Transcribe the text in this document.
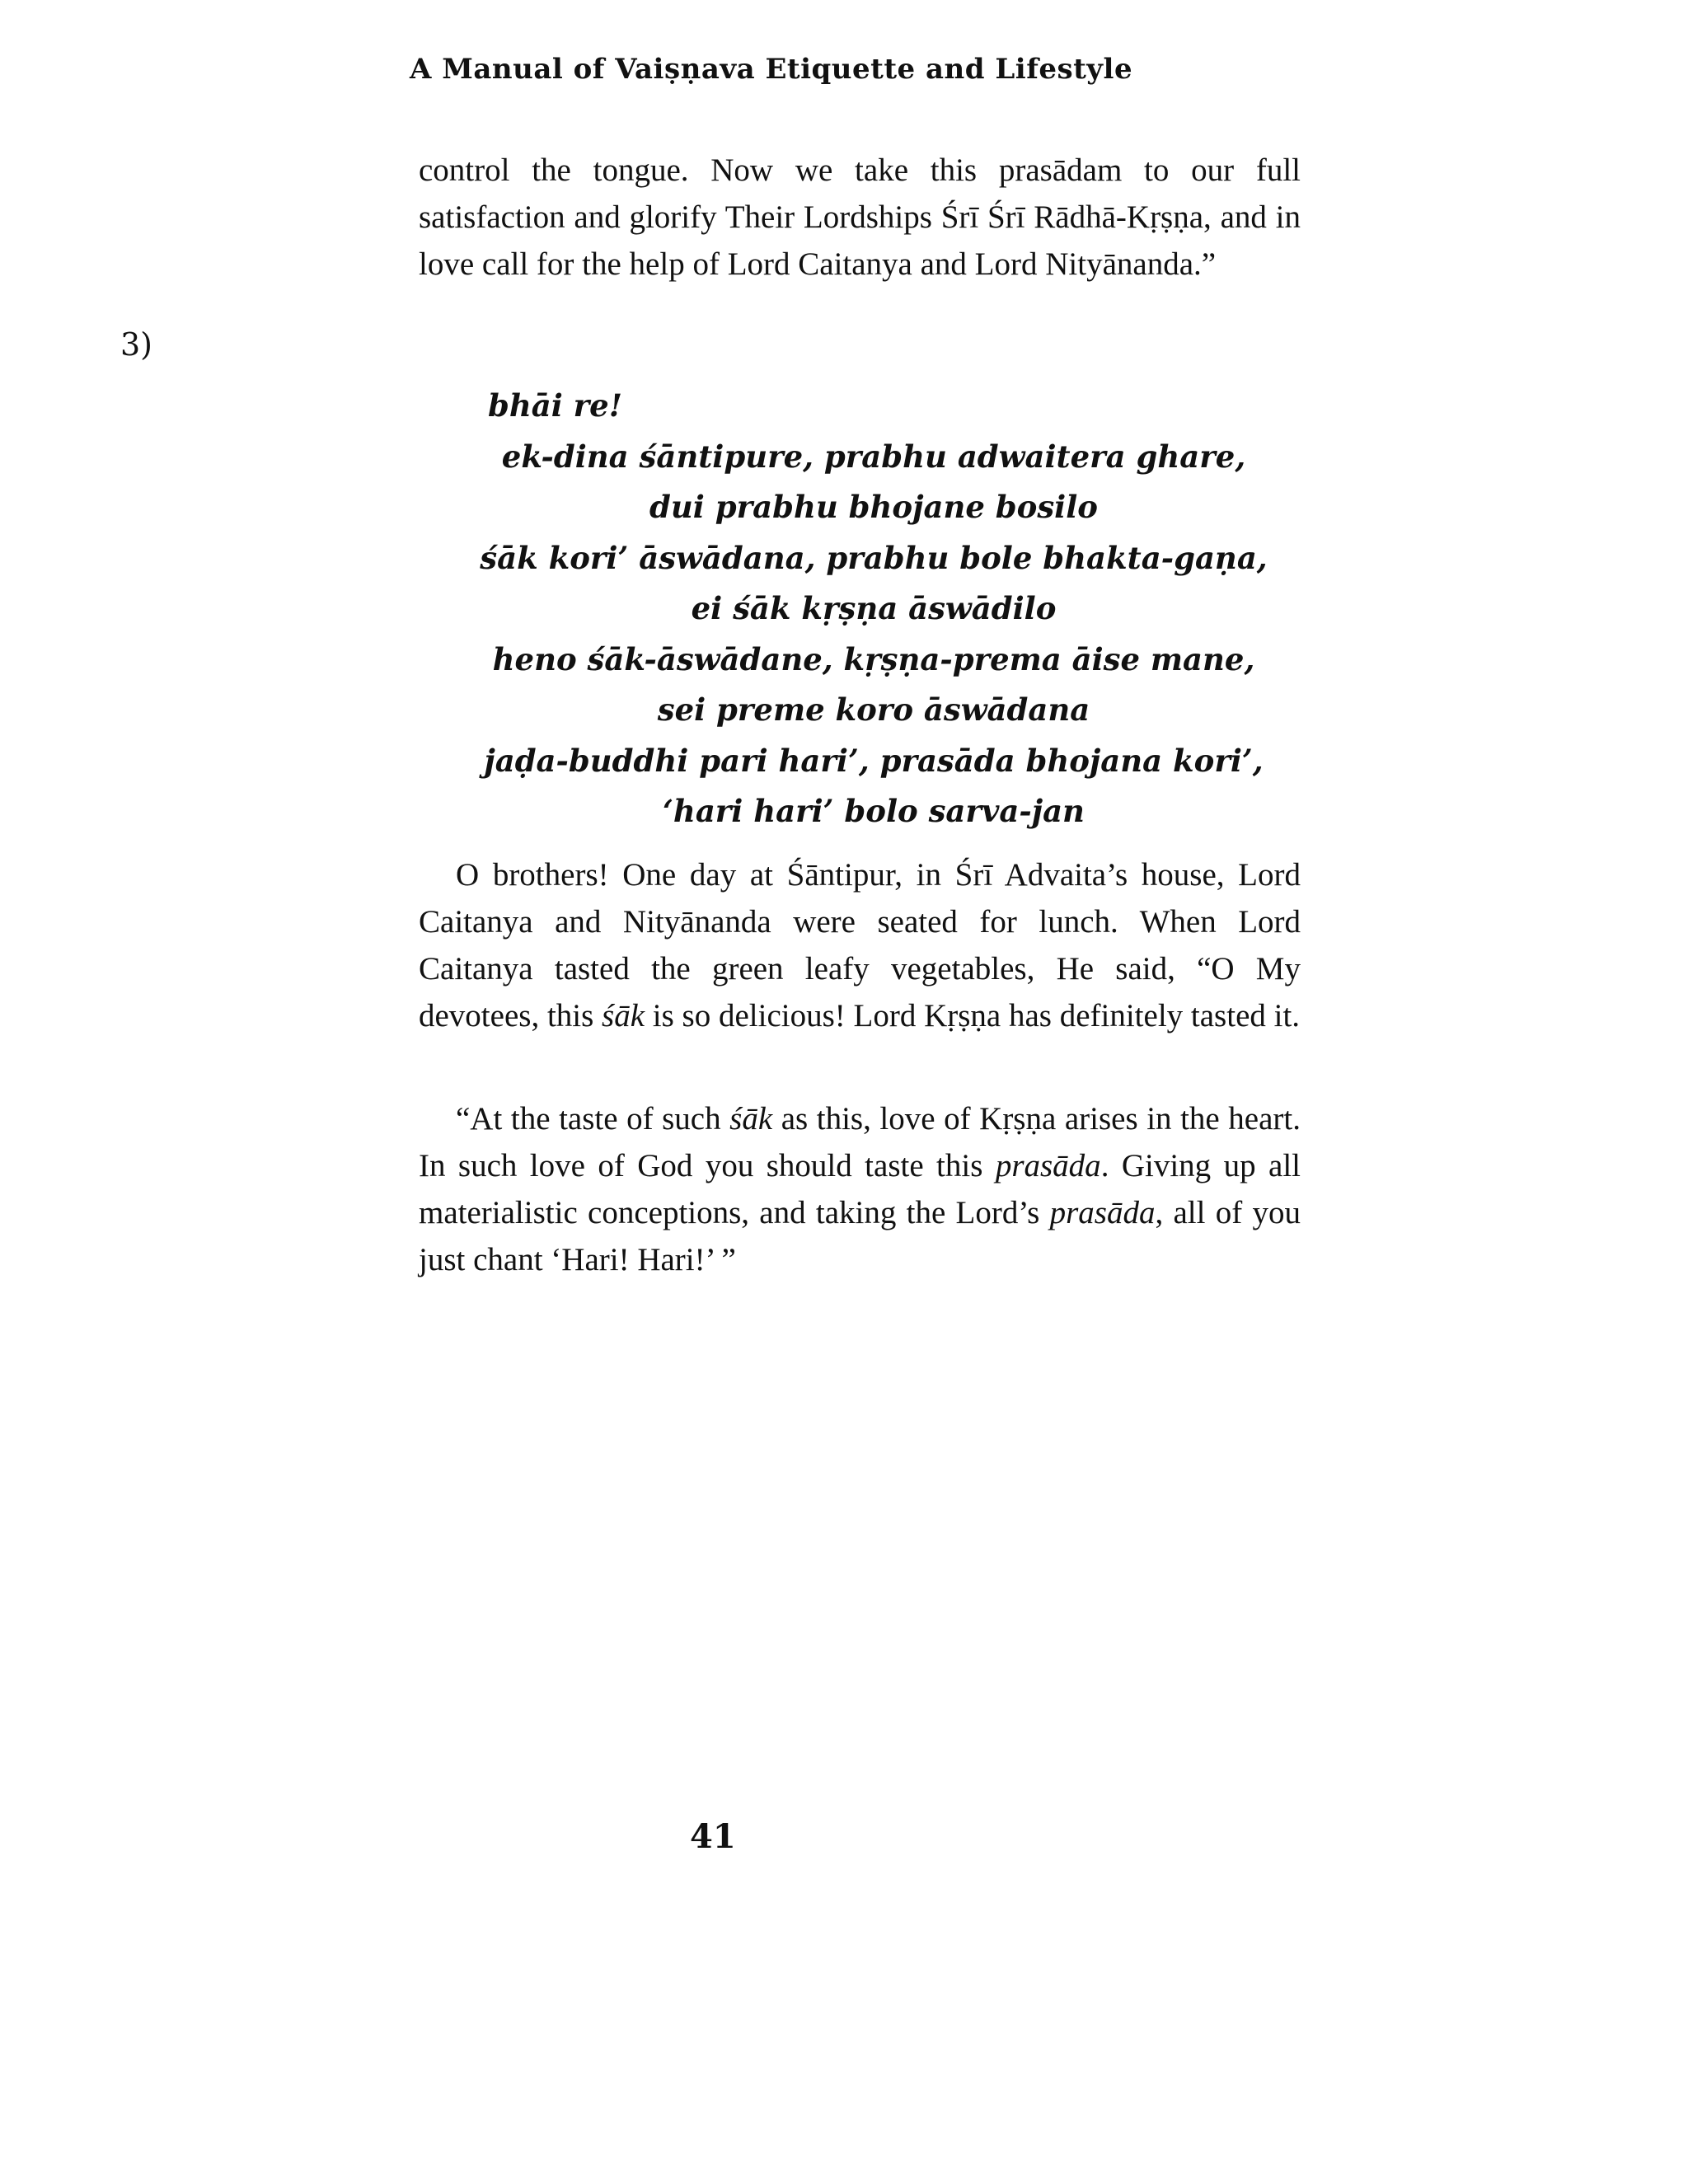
A Manual of Vaiṣṇava Etiquette and Lifestyle

control the tongue. Now we take this prasādam to our full satisfaction and glorify Their Lordships Śrī Śrī Rādhā-Kṛṣṇa, and in love call for the help of Lord Caitanya and Lord Nityānanda.”

3)
bhāi re!
ek-dina śāntipure, prabhu adwaitera ghare,
dui prabhu bhojane bosilo
śāk kori’ āswādana, prabhu bole bhakta-gaṇa,
ei śāk kṛṣṇa āswādilo
heno śāk-āswādane, kṛṣṇa-prema āise mane,
sei preme koro āswādana
jaḍa-buddhi pari hari’, prasāda bhojana kori’,
‘hari hari’ bolo sarva-jan

O brothers! One day at Śāntipur, in Śrī Advaita’s house, Lord Caitanya and Nityānanda were seated for lunch. When Lord Caitanya tasted the green leafy vegetables, He said, “O My devotees, this śāk is so delicious! Lord Kṛṣṇa has definitely tasted it.

“At the taste of such śāk as this, love of Kṛṣṇa arises in the heart. In such love of God you should taste this prasāda. Giving up all materialistic conceptions, and taking the Lord’s prasāda, all of you just chant ‘Hari! Hari!’ ”

41
